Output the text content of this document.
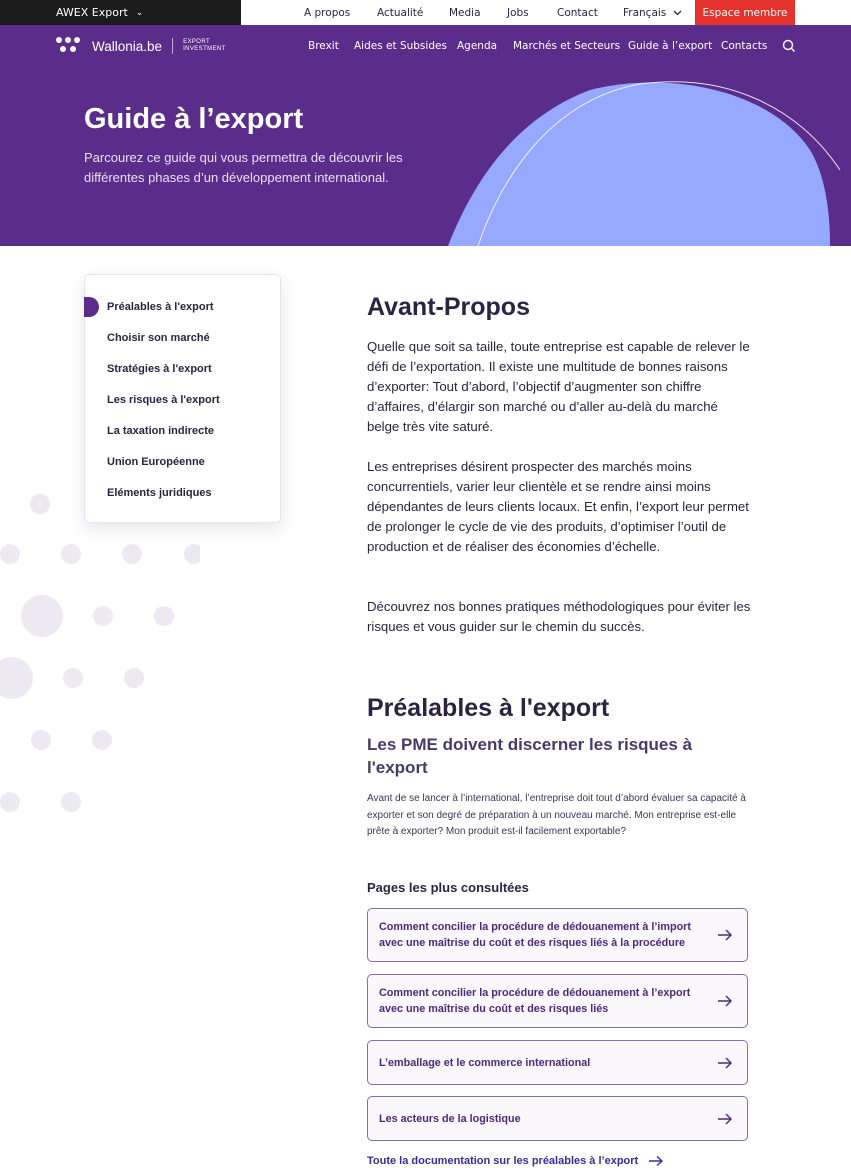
AWEX Export ⌄	A propos	Actualité Media	Jobs	Contact Français	Espace membre
Wallonia.be	EXPORT
INVESTMENT	Brexit Aides et Subsides Agenda Marchés et Secteurs Guide à l’export Contacts
Guide à l’export

Parcourez ce guide qui vous permettra de découvrir les différentes phases d’un développement international.

Préalables à l'export
Choisir son marché
Stratégies à l'export
Les risques à l'export
La taxation indirecte
Union Européenne
Eléments juridiques
Avant-Propos

Quelle que soit sa taille, toute entreprise est capable de relever le défi de l’exportation. Il existe une multitude de bonnes raisons d’exporter: Tout d’abord, l’objectif d’augmenter son chiffre d’affaires, d’élargir son marché ou d’aller au-delà du marché belge très vite saturé.

Les entreprises désirent prospecter des marchés moins concurrentiels, varier leur clientèle et se rendre ainsi moins dépendantes de leurs clients locaux. Et enfin, l’export leur permet de prolonger le cycle de vie des produits, d’optimiser l’outil de production et de réaliser des économies d’échelle.

Découvrez nos bonnes pratiques méthodologiques pour éviter les risques et vous guider sur le chemin du succès.

Préalables à l'export
Les PME doivent discerner les risques à l'export

Avant de se lancer à l’international, l’entreprise doit tout d’abord évaluer sa capacité à exporter et son degré de préparation à un nouveau marché. Mon entreprise est-elle prête à exporter? Mon produit est-il facilement exportable?

Pages les plus consultées
Comment concilier la procédure de dédouanement à l’import avec une maîtrise du coût et des risques liés à la procédure
Comment concilier la procédure de dédouanement à l’export avec une maîtrise du coût et des risques liés
L’emballage et le commerce international
Les acteurs de la logistique
Toute la documentation sur les préalables à l’export
